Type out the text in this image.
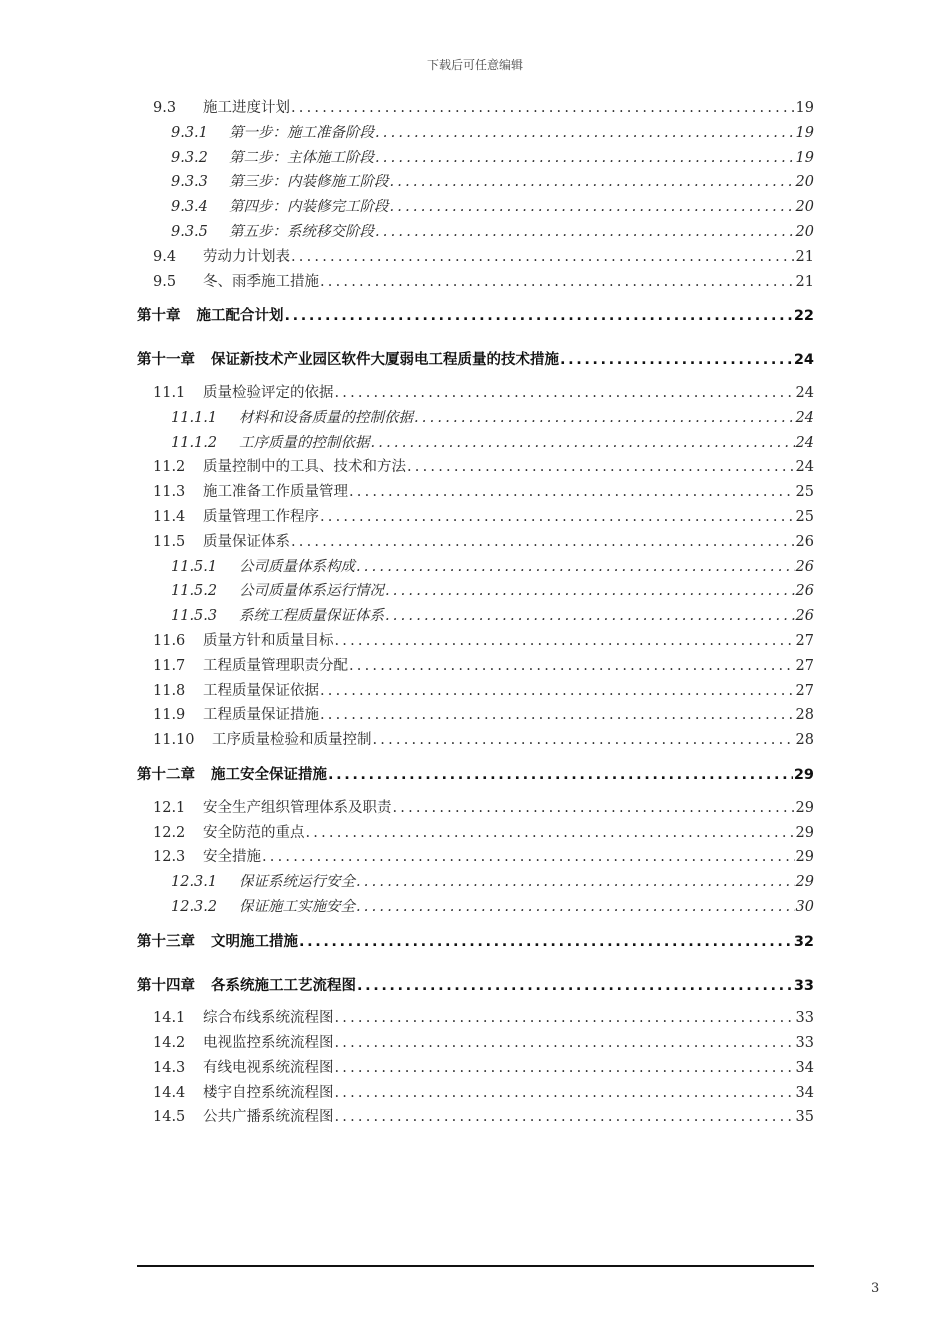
下载后可任意编辑
9.3 施工进度计划 .....	19
9.3.1 第一步：施工准备阶段 .....	19
9.3.2 第二步：主体施工阶段 .....	19
9.3.3 第三步：内装修施工阶段 .....	20
9.3.4 第四步：内装修完工阶段 .....	20
9.3.5 第五步：系统移交阶段 .....	20
9.4 劳动力计划表 .....	21
9.5 冬、雨季施工措施 .....	21
第十章 施工配合计划 .....	22
第十一章 保证新技术产业园区软件大厦弱电工程质量的技术措施 .....	24
11.1 质量检验评定的依据 .....	24
11.1.1 材料和设备质量的控制依据 .....	24
11.1.2 工序质量的控制依据 .....	24
11.2 质量控制中的工具、技术和方法 .....	24
11.3 施工准备工作质量管理 .....	25
11.4 质量管理工作程序 .....	25
11.5 质量保证体系 .....	26
11.5.1 公司质量体系构成 .....	26
11.5.2 公司质量体系运行情况 .....	26
11.5.3 系统工程质量保证体系 .....	26
11.6 质量方针和质量目标 .....	27
11.7 工程质量管理职责分配 .....	27
11.8 工程质量保证依据 .....	27
11.9 工程质量保证措施 .....	28
11.10 工序质量检验和质量控制 .....	28
第十二章 施工安全保证措施 .....	29
12.1 安全生产组织管理体系及职责 .....	29
12.2 安全防范的重点 .....	29
12.3 安全措施 .....	29
12.3.1 保证系统运行安全 .....	29
12.3.2 保证施工实施安全 .....	30
第十三章 文明施工措施 .....	32
第十四章 各系统施工工艺流程图 .....	33
14.1 综合布线系统流程图 .....	33
14.2 电视监控系统流程图 .....	33
14.3 有线电视系统流程图 .....	34
14.4 楼宇自控系统流程图 .....	34
14.5 公共广播系统流程图 .....	35
3
